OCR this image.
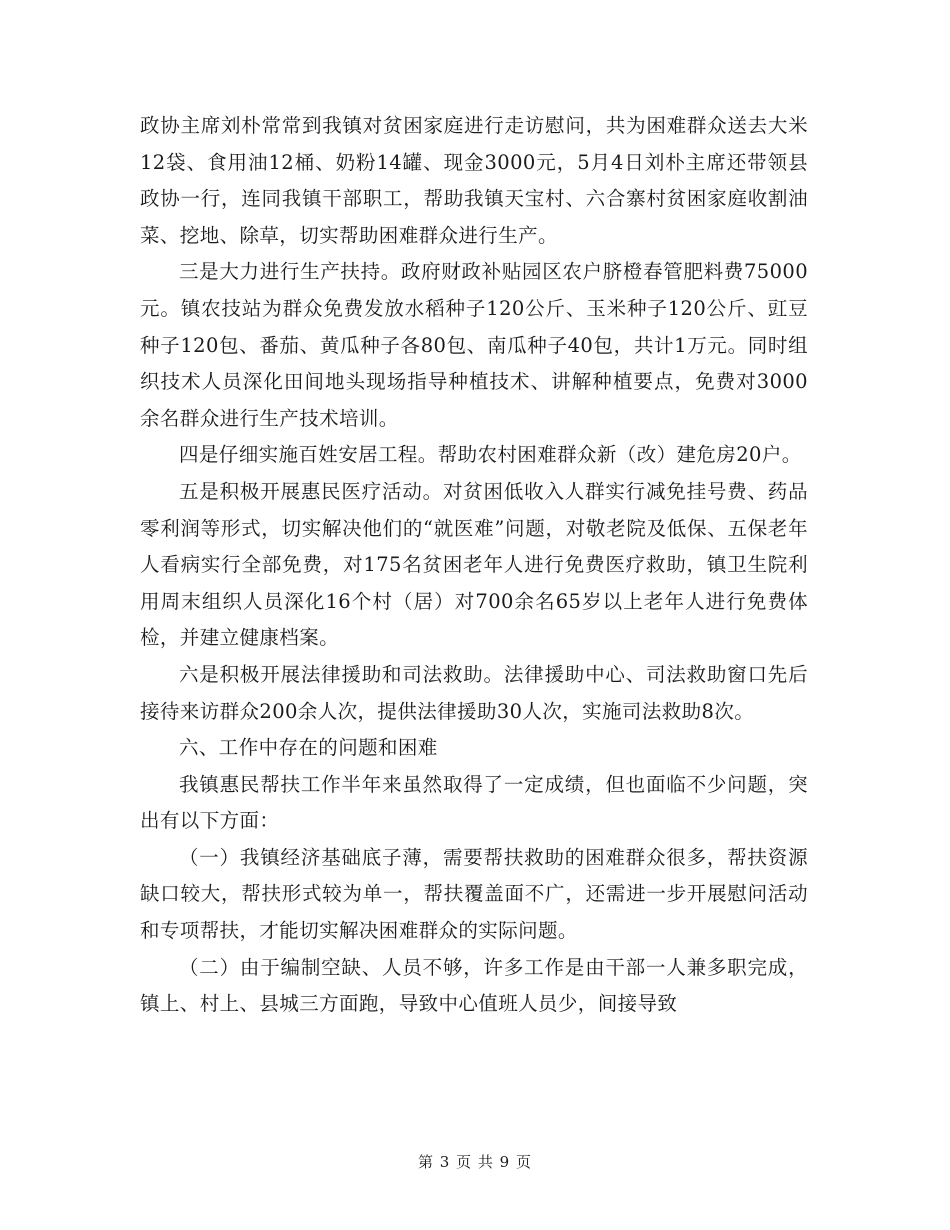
政协主席刘朴常常到我镇对贫困家庭进行走访慰问，共为困难群众送去大米12袋、食用油12桶、奶粉14罐、现金3000元，5月4日刘朴主席还带领县政协一行，连同我镇干部职工，帮助我镇天宝村、六合寨村贫困家庭收割油菜、挖地、除草，切实帮助困难群众进行生产。

三是大力进行生产扶持。政府财政补贴园区农户脐橙春管肥料费75000元。镇农技站为群众免费发放水稻种子120公斤、玉米种子120公斤、豇豆种子120包、番茄、黄瓜种子各80包、南瓜种子40包，共计1万元。同时组织技术人员深化田间地头现场指导种植技术、讲解种植要点，免费对3000余名群众进行生产技术培训。

四是仔细实施百姓安居工程。帮助农村困难群众新（改）建危房20户。

五是积极开展惠民医疗活动。对贫困低收入人群实行减免挂号费、药品零利润等形式，切实解决他们的“就医难”问题，对敬老院及低保、五保老年人看病实行全部免费，对175名贫困老年人进行免费医疗救助，镇卫生院利用周末组织人员深化16个村（居）对700余名65岁以上老年人进行免费体检，并建立健康档案。

六是积极开展法律援助和司法救助。法律援助中心、司法救助窗口先后接待来访群众200余人次，提供法律援助30人次，实施司法救助8次。

六、工作中存在的问题和困难

我镇惠民帮扶工作半年来虽然取得了一定成绩，但也面临不少问题，突出有以下方面：

（一）我镇经济基础底子薄，需要帮扶救助的困难群众很多，帮扶资源缺口较大，帮扶形式较为单一，帮扶覆盖面不广，还需进一步开展慰问活动和专项帮扶，才能切实解决困难群众的实际问题。

（二）由于编制空缺、人员不够，许多工作是由干部一人兼多职完成，镇上、村上、县城三方面跑，导致中心值班人员少，间接导致

第 3 页 共 9 页
